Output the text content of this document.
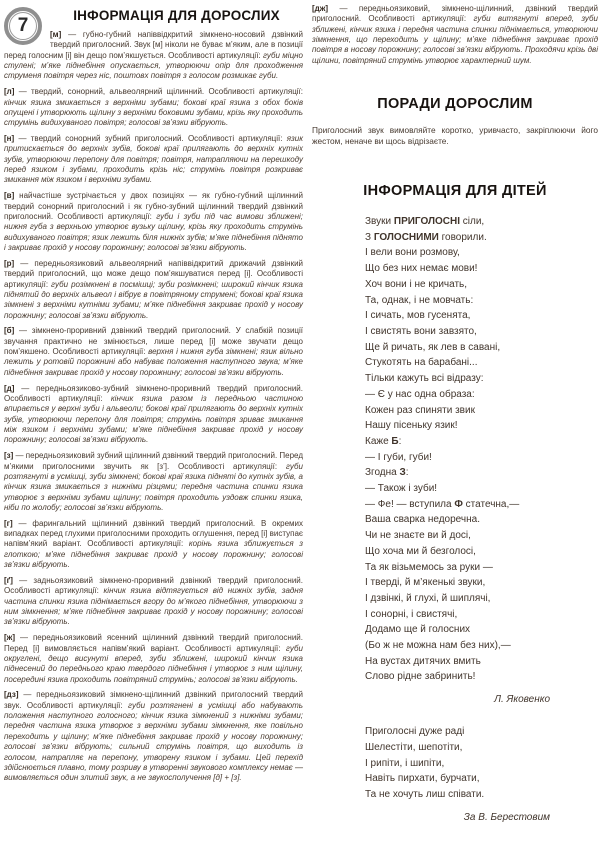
7	ІНФОРМАЦІЯ ДЛЯ ДОРОСЛИХ

[м] — губно-губний напіввідкритий зімкнено-носовий дзвінкий твердий приголосний. Звук [м] ніколи не буває м’яким, але в позиції перед голосним [і] він дещо пом’якшується. Особливості артикуляції: губи міцно стулені; м’яке піднебіння опускається, утворюючи опір для проходження струменя повітря через ніс, поштовх повітря з голосом розмикає губи.

[л] — твердий, сонорний, альвеолярний щілинний. Особливості артикуляції: кінчик язика змикається з верхніми зубами; бокові краї язика з обох боків опущені і утворюють щілину з верхніми боковими зубами, крізь яку проходить струмінь видихуваного повітря; голосові зв’язки вібрують.

[н] — твердий сонорний зубний приголосний. Особливості артикуляції: язик притискається до верхніх зубів, бокові краї прилягають до верхніх кутніх зубів, утворюючи перепону для повітря; повітря, натрапляючи на перешкоду перед язиком і зубами, проходить крізь ніс; струмінь повітря розкриває змикання між язиком і верхніми зубами.

[в] найчастіше зустрічається у двох позиціях — як губно-губний щілинний твердий сонорний приголосний і як губно-зубний щілинний твердий дзвінкий приголосний. Особливості артикуляції: губи і зуби під час вимови зближені; нижня губа з верхньою утворює вузьку щілину, крізь яку проходить струмінь видихуваного повітря; язик лежить біля нижніх зубів; м’яке піднебіння піднято і закриває прохід у носову порожнину; голосові зв’язки вібрують.

[р] — передньоязиковий альвеолярний напіввідкритий дрижачий дзвінкий твердий приголосний, що може дещо пом’якшуватися перед [і]. Особливості артикуляції: губи розімкнені в посмішці; зуби розімкнені; широкий кінчик язика піднятий до верхніх альвеол і вібрує в повітряному струмені; бокові краї язика зімкнені з верхніми кутніми зубами; м’яке піднебіння закриває прохід у носову порожнину; голосові зв’язки вібрують.

[б] — зімкнено-проривний дзвінкий твердий приголосний. У слабкій позиції звучання практично не змінюється, лише перед [і] може звучати дещо пом’якшено. Особливості артикуляції: верхня і нижня губа зімкнені; язик вільно лежить у ротовій порожнині або набуває положення наступного звука; м’яке піднебіння закриває прохід у носову порожнину; голосові зв’язки вібрують.

[д] — передньоязиково-зубний зімкнено-проривний твердий приголосний. Особливості артикуляції: кінчик язика разом із передньою частиною впирається у верхні зуби і альвеоли; бокові краї прилягають до верхніх кутніх зубів, утворюючи перепону для повітря; струмінь повітря зриває змикання між язиком і верхніми зубами; м’яке піднебіння закриває прохід у носову порожнину; голосові зв’язки вібрують.

[з] — передньоязиковий зубний щілинний дзвінкий твердий приголосний. Перед м’якими приголосними звучить як [з’]. Особливості артикуляції: губи розтягнуті в усмішці, зуби зімкнені; бокові краї язика підняті до кутніх зубів, а кінчик язика змикається з нижніми різцями; передня частина спинки язика утворює з верхніми зубами щілину; повітря проходить уздовж спинки язика, ніби по жолобу; голосові зв’язки вібрують.

[г] — фарингальний щілинний дзвінкий твердий приголосний. В окремих випадках перед глухими приголосними проходить оглушення, перед [і] виступає напівм’який варіант. Особливості артикуляції: корінь язика зближується з глоткою; м’яке піднебіння закриває прохід у носову порожнину; голосові зв’язки вібрують.

[ґ] — задньоязиковий зімкнено-проривний дзвінкий твердий приголосний. Особливості артикуляції: кінчик язика відтягується від нижніх зубів, задня частина спинки язика піднімається вгору до м’якого піднебіння, утворюючи з ним зімкнення; м’яке піднебіння закриває прохід у носову порожнину; голосові зв’язки вібрують.

[ж] — передньоязиковий ясенний щілинний дзвінкий твердий приголосний. Перед [і] вимовляється напівм’який варіант. Особливості артикуляції: губи округлені, дещо висунуті вперед, зуби зближені, широкий кінчик язика піднесений до переднього краю твердого піднебіння і утворює з ним щілину, посередині язика проходить повітряний струмінь; голосові зв’язки вібрують.

[дз] — передньоязиковий зімкнено-щілинний дзвінкий приголосний твердий звук. Особливості артикуляції: губи розтягнені в усмішці або набувають положення наступного голосного; кінчик язика зімкнений з нижніми зубами; передня частина язика утворює з верхніми зубами зімкнення, яке повільно переходить у щілину; м’яке піднебіння закриває прохід у носову порожнину; голосові зв’язки вібрують; сильний струмінь повітря, що виходить із голосом, натрапляє на перепону, утворену язиком і зубами. Цей перехід здійснюється плавно, тому розриву в утворенні звукового комплексу немає — вимовляється один злитий звук, а не звукосполучення [д] + [з].

[дж] — передньоязиковий, зімкнено-щілинний, дзвінкий твердий приголосний. Особливості артикуляції: губи витягнуті вперед, зуби зближені, кінчик язика і передня частина спинки піднімається, утворюючи зімкнення, що переходить у щілину; м’яке піднебіння закриває прохід повітря в носову порожнину; голосові зв’язки вібрують. Проходячи крізь дві щілини, повітряний струмінь утворює характерний шум.

ПОРАДИ ДОРОСЛИМ
Приголосний звук вимовляйте коротко, уривчасто, закріплюючи його жестом, неначе ви щось відрізаєте.
ІНФОРМАЦІЯ ДЛЯ ДІТЕЙ
Звуки ПРИГОЛОСНІ сіли,
З ГОЛОСНИМИ говорили.
І вели вони розмову,
Що без них немає мови!
Хоч вони і не кричать,
Та, однак, і не мовчать:
І сичать, мов гусенята,
І свистять вони завзято,
Ще й ричать, як лев в савані,
Стукотять на барабані...
Тільки кажуть всі відразу:
— Є у нас одна образа:
Кожен раз спиняти звик
Нашу пісеньку язик!
Каже Б:
— І губи, губи!
Згодна З:
— Також і зуби!
— Фе! — вступила Ф статечна,—
Ваша сварка недоречна.
Чи не знаєте ви й досі,
Що хоча ми й безголосі,
Та як візьмемось за руки —
І тверді, й м’якенькі звуки,
І дзвінкі, й глухі, й шиплячі,
І сонорні, і свистячі,
Додамо ще й голосних
(Бо ж не можна нам без них),—
На вустах дитячих вмить
Слово рідне забринить!
Л. Яковенко
Приголосні дуже раді
Шелестіти, шепотіти,
І рипіти, і шипіти,
Навіть пирхати, бурчати,
Та не хочуть лиш співати.
За В. Берестовим
